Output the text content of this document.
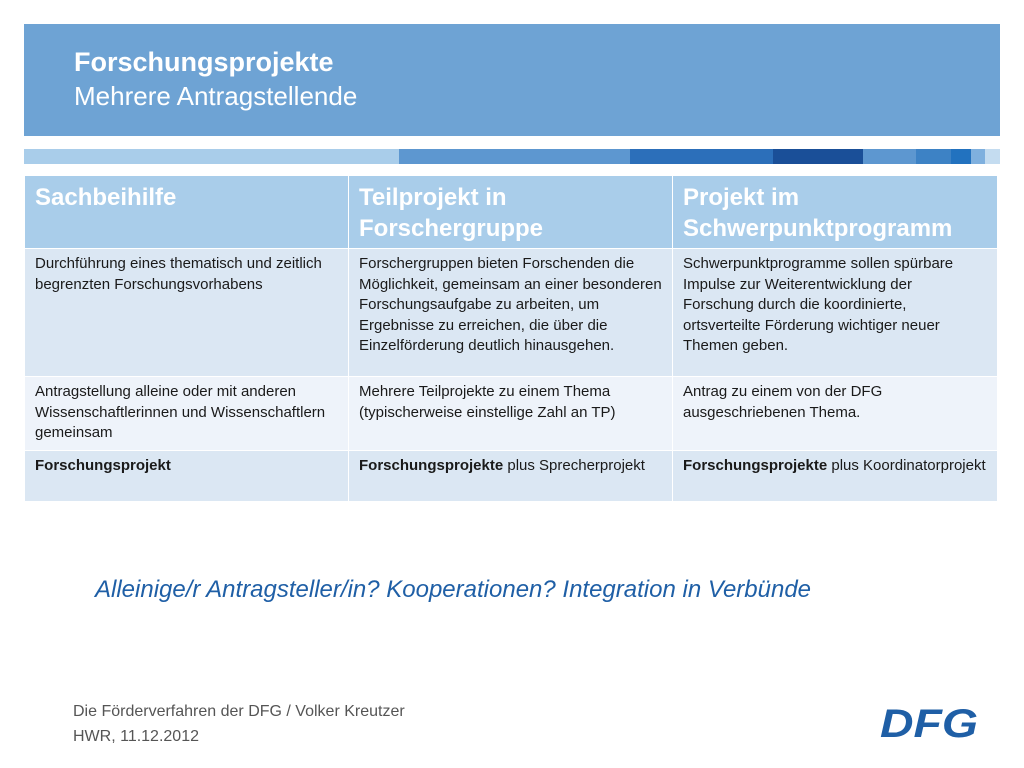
Forschungsprojekte
Mehrere Antragstellende
Sachbeihilfe	Teilprojekt in Forschergruppe	Projekt im Schwerpunktprogramm
Durchführung eines thematisch und zeitlich begrenzten Forschungsvorhabens	Forschergruppen bieten Forschenden die Möglichkeit, gemeinsam an einer besonderen Forschungsaufgabe zu arbeiten, um Ergebnisse zu erreichen, die über die Einzelförderung deutlich hinausgehen.	Schwerpunktprogramme sollen spürbare Impulse zur Weiterentwicklung der Forschung durch die koordinierte, ortsverteilte Förderung wichtiger neuer Themen geben.
Antragstellung alleine oder mit anderen Wissenschaftlerinnen und Wissenschaftlern gemeinsam	Mehrere Teilprojekte zu einem Thema (typischerweise einstellige Zahl an TP)	Antrag zu einem von der DFG ausgeschriebenen Thema.
Forschungsprojekt	Forschungsprojekte plus Sprecherprojekt	Forschungsprojekte plus Koordinatorprojekt
Alleinige/r Antragsteller/in? Kooperationen? Integration in Verbünde
Die Förderverfahren der DFG / Volker Kreutzer
HWR, 11.12.2012	DFG
